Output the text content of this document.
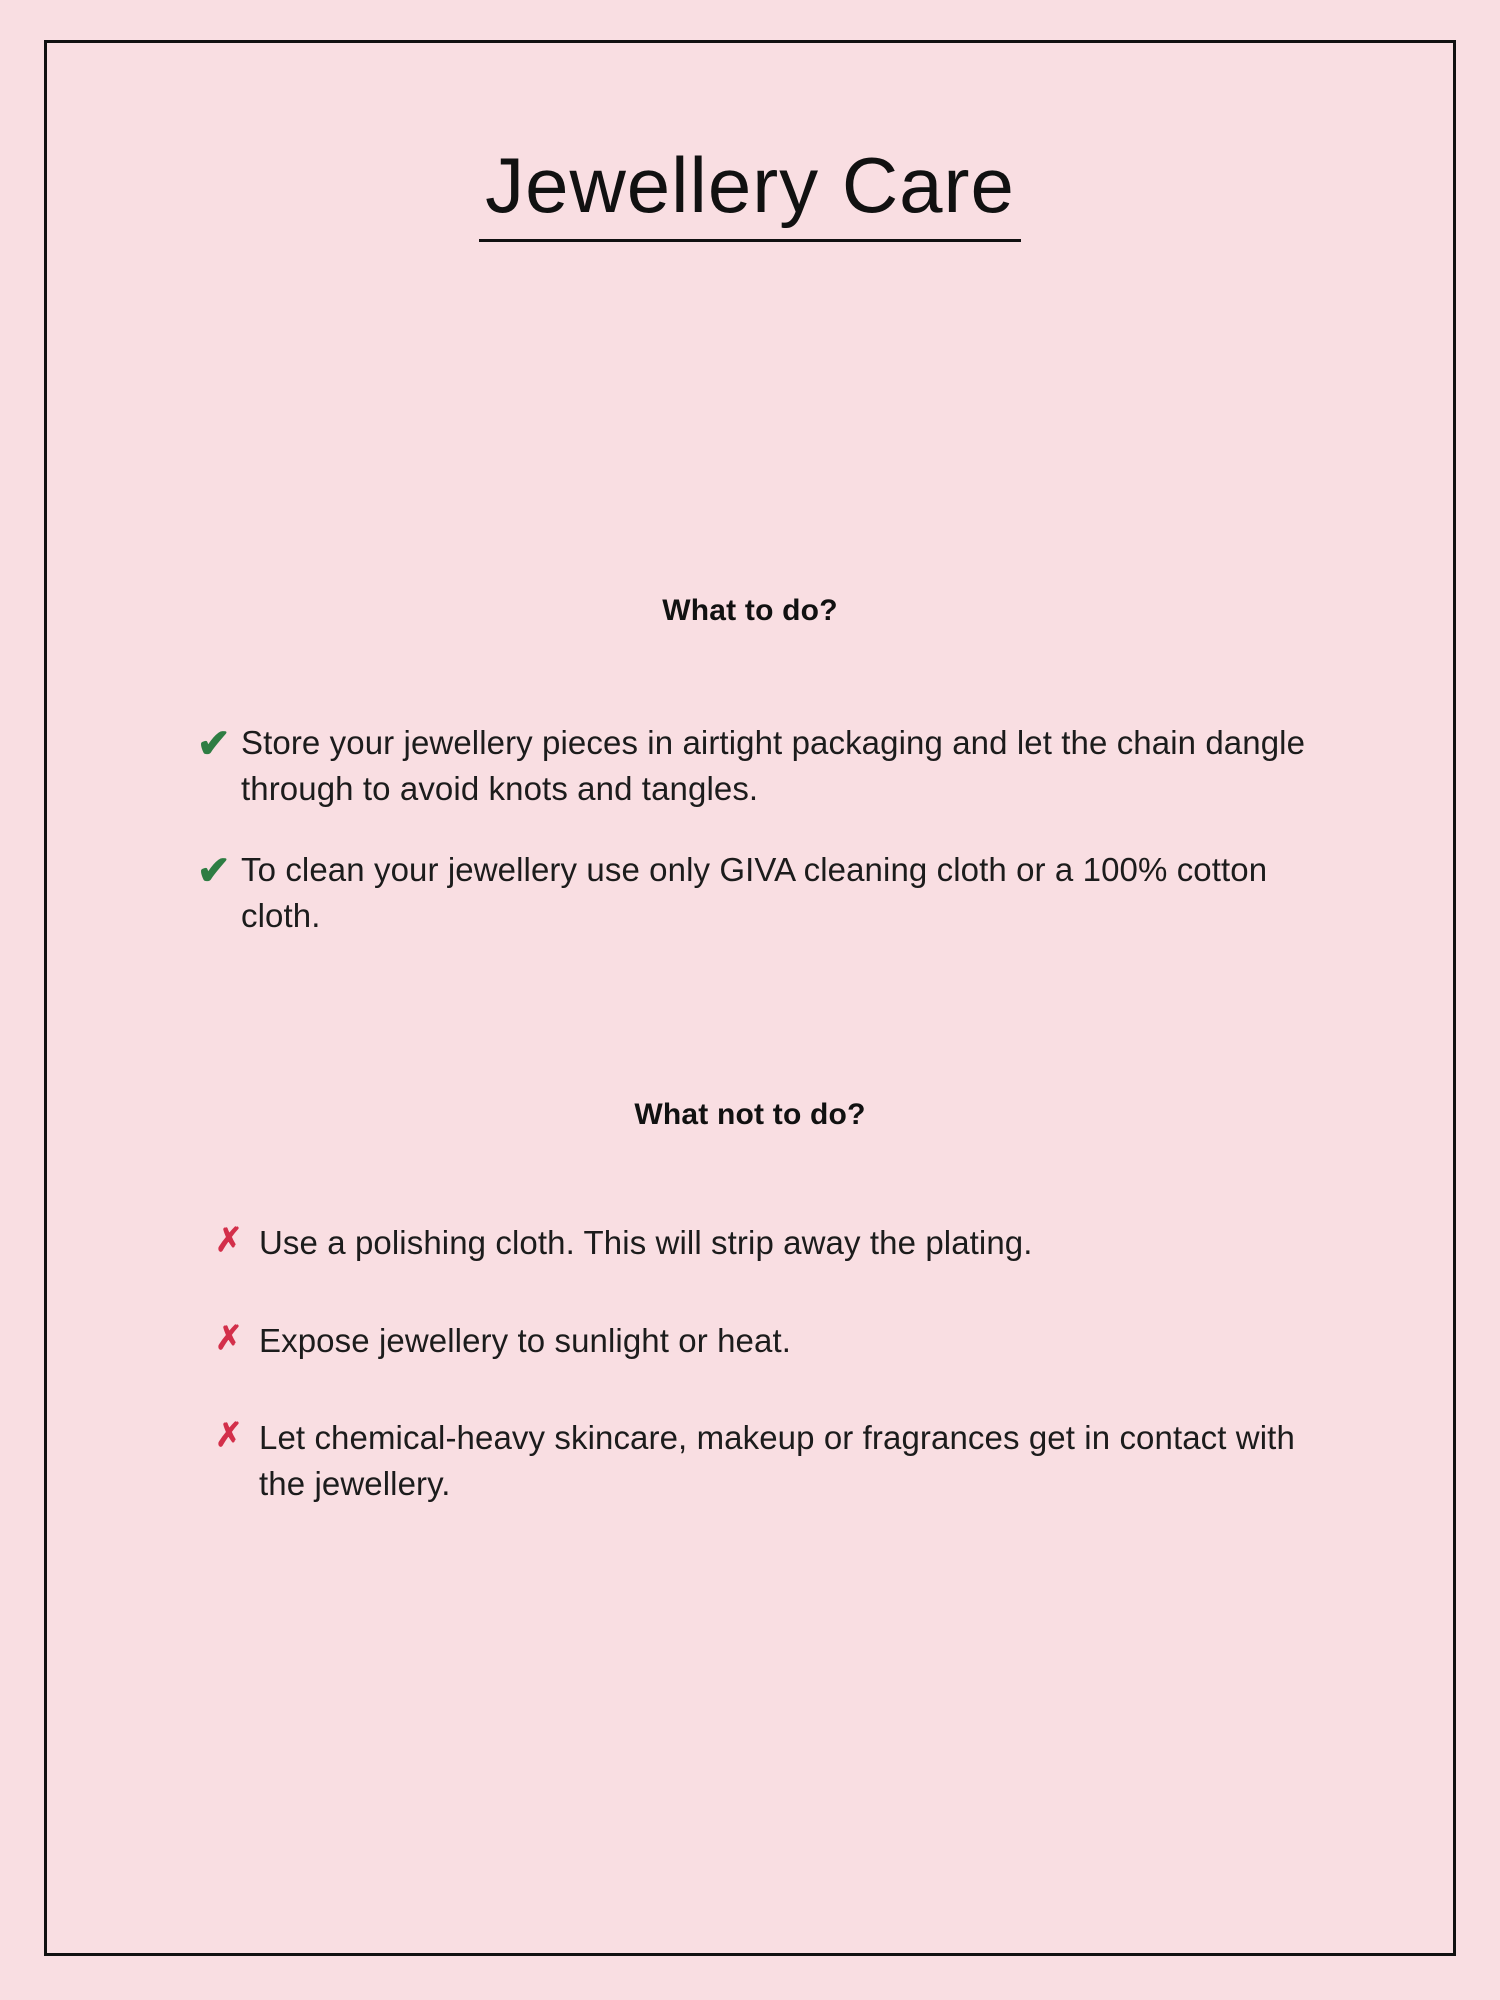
Jewellery Care
What to do?
✔ Store your jewellery pieces in airtight packaging and let the chain dangle through to avoid knots and tangles.
✔ To clean your jewellery use only GIVA cleaning cloth or a 100% cotton cloth.
What not to do?
✗ Use a polishing cloth. This will strip away the plating.
✗ Expose jewellery to sunlight or heat.
✗ Let chemical-heavy skincare, makeup or fragrances get in contact with the jewellery.
